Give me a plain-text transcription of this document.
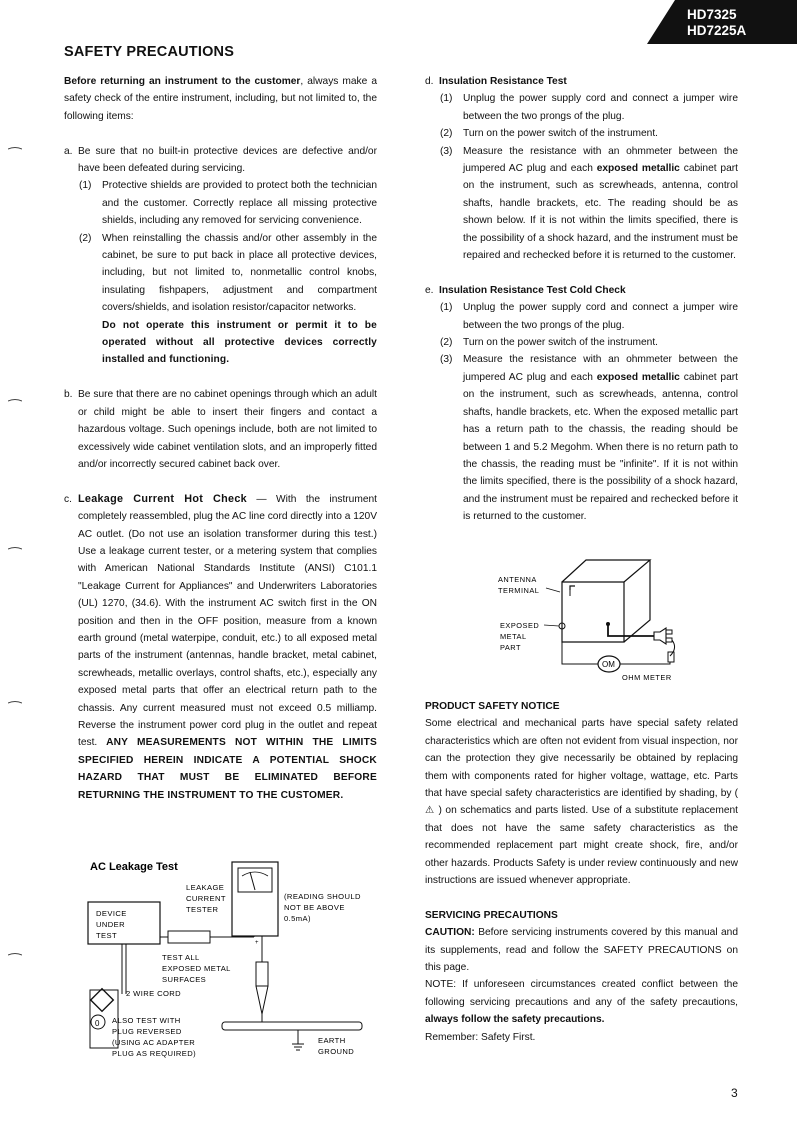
HD7325
HD7225A
SAFETY PRECAUTIONS

Before returning an instrument to the customer, always make a safety check of the entire instrument, including, but not limited to, the following items:

a. Be sure that no built-in protective devices are defective and/or have been defeated during servicing.
(1) Protective shields are provided to protect both the technician and the customer. Correctly replace all missing protective shields, including any removed for servicing convenience.
(2) When reinstalling the chassis and/or other assembly in the cabinet, be sure to put back in place all protective devices, including, but not limited to, nonmetallic control knobs, insulating fishpapers, adjustment and compartment covers/shields, and isolation resistor/capacitor networks.
Do not operate this instrument or permit it to be operated without all protective devices correctly installed and functioning.
b. Be sure that there are no cabinet openings through which an adult or child might be able to insert their fingers and contact a hazardous voltage. Such openings include, both are not limited to excessively wide cabinet ventilation slots, and an improperly fitted and/or incorrectly secured cabinet back over.
c. Leakage Current Hot Check — With the instrument completely reassembled, plug the AC line cord directly into a 120V AC outlet. (Do not use an isolation transformer during this test.) Use a leakage current tester, or a metering system that complies with American National Standards Institute (ANSI) C101.1 "Leakage Current for Appliances" and Underwriters Laboratories (UL) 1270, (34.6). With the instrument AC switch first in the ON position and then in the OFF position, measure from a known earth ground (metal waterpipe, conduit, etc.) to all exposed metal parts of the instrument (antennas, handle bracket, metal cabinet, screwheads, metallic overlays, control shafts, etc.), especially any exposed metal parts that offer an electrical return path to the chassis. Any current measured must not exceed 0.5 milliamp. Reverse the instrument power cord plug in the outlet and repeat test. ANY MEASUREMENTS NOT WITHIN THE LIMITS SPECIFIED HEREIN INDICATE A POTENTIAL SHOCK HAZARD THAT MUST BE ELIMINATED BEFORE RETURNING THE INSTRUMENT TO THE CUSTOMER.
AC Leakage Test
LEAKAGE
CURRENT
TESTER
(READING SHOULD
NOT BE ABOVE
0.5mA)
DEVICE
UNDER
TEST
+
TEST ALL
EXPOSED METAL
SURFACES
2 WIRE CORD
0 ALSO TEST WITH
PLUG REVERSED
(USING AC ADAPTER
PLUG AS REQUIRED)
EARTH
GROUND
d. Insulation Resistance Test
(1) Unplug the power supply cord and connect a jumper wire between the two prongs of the plug.
(2) Turn on the power switch of the instrument.
(3) Measure the resistance with an ohmmeter between the jumpered AC plug and each exposed metallic cabinet part on the instrument, such as screwheads, antenna, control shafts, handle brackets, etc. The reading should be as shown below. If it is not within the limits specified, there is the possibility of a shock hazard, and the instrument must be repaired and rechecked before it is returned to the customer.
e. Insulation Resistance Test Cold Check
(1) Unplug the power supply cord and connect a jumper wire between the two prongs of the plug.
(2) Turn on the power switch of the instrument.
(3) Measure the resistance with an ohmmeter between the jumpered AC plug and each exposed metallic cabinet part on the instrument, such as screwheads, antenna, control shafts, handle brackets, etc. When the exposed metallic part has a return path to the chassis, the reading should be between 1 and 5.2 Megohm. When there is no return path to the chassis, the reading must be "infinite". If it is not within the limits specified, there is the possibility of a shock hazard, and the instrument must be repaired and rechecked before it is returned to the customer.
ANTENNA
TERMINAL
EXPOSED
METAL
PART
OM
OHM METER

PRODUCT SAFETY NOTICE

Some electrical and mechanical parts have special safety related characteristics which are often not evident from visual inspection, nor can the protection they give necessarily be obtained by replacing them with components rated for higher voltage, wattage, etc. Parts that have special safety characteristics are identified by shading, by ( ⚠ ) on schematics and parts listed. Use of a substitute replacement that does not have the same safety characteristics as the recommended replacement part might create shock, fire, and/or other hazards. Products Safety is under review continuously and new instructions are issued whenever appropriate.

SERVICING PRECAUTIONS

CAUTION: Before servicing instruments covered by this manual and its supplements, read and follow the SAFETY PRECAUTIONS on this page.

NOTE: If unforeseen circumstances created conflict between the following servicing precautions and any of the safety precautions, always follow the safety precautions.

Remember: Safety First.

3
